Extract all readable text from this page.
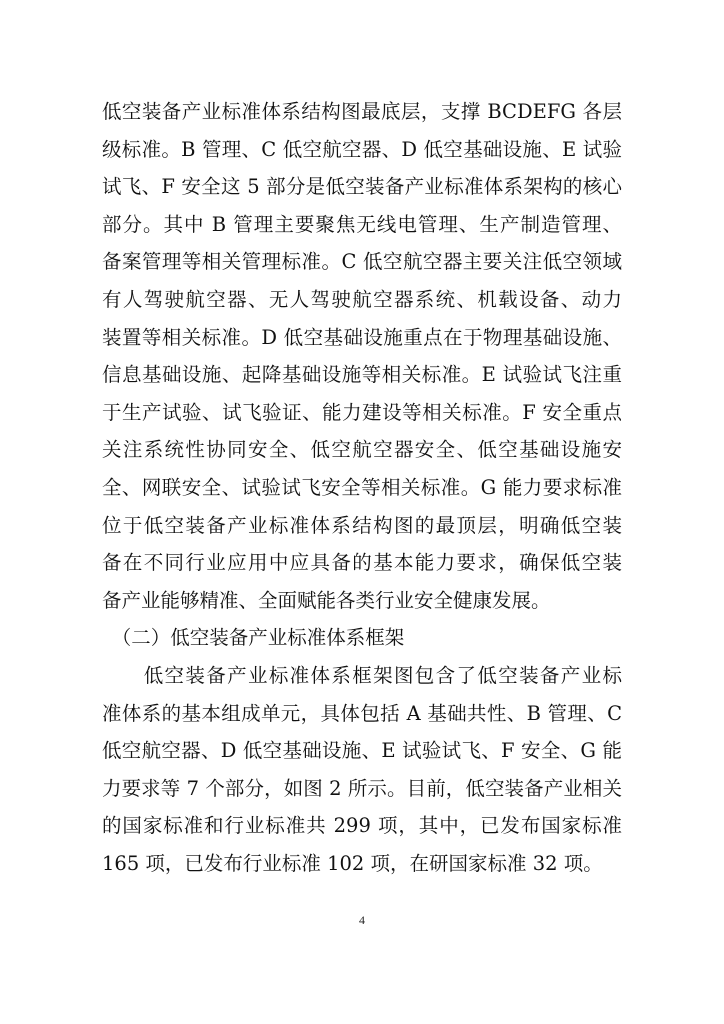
低空装备产业标准体系结构图最底层，支撑 BCDEFG 各层
级标准。B 管理、C 低空航空器、D 低空基础设施、E 试验
试飞、F 安全这 5 部分是低空装备产业标准体系架构的核心
部分。其中 B 管理主要聚焦无线电管理、生产制造管理、
备案管理等相关管理标准。C 低空航空器主要关注低空领域
有人驾驶航空器、无人驾驶航空器系统、机载设备、动力
装置等相关标准。D 低空基础设施重点在于物理基础设施、
信息基础设施、起降基础设施等相关标准。E 试验试飞注重
于生产试验、试飞验证、能力建设等相关标准。F 安全重点
关注系统性协同安全、低空航空器安全、低空基础设施安
全、网联安全、试验试飞安全等相关标准。G 能力要求标准
位于低空装备产业标准体系结构图的最顶层，明确低空装
备在不同行业应用中应具备的基本能力要求，确保低空装
备产业能够精准、全面赋能各类行业安全健康发展。
　（二）低空装备产业标准体系框架
　　低空装备产业标准体系框架图包含了低空装备产业标
准体系的基本组成单元，具体包括 A 基础共性、B 管理、C
低空航空器、D 低空基础设施、E 试验试飞、F 安全、G 能
力要求等 7 个部分，如图 2 所示。目前，低空装备产业相关
的国家标准和行业标准共 299 项，其中，已发布国家标准
165 项，已发布行业标准 102 项，在研国家标准 32 项。
4
